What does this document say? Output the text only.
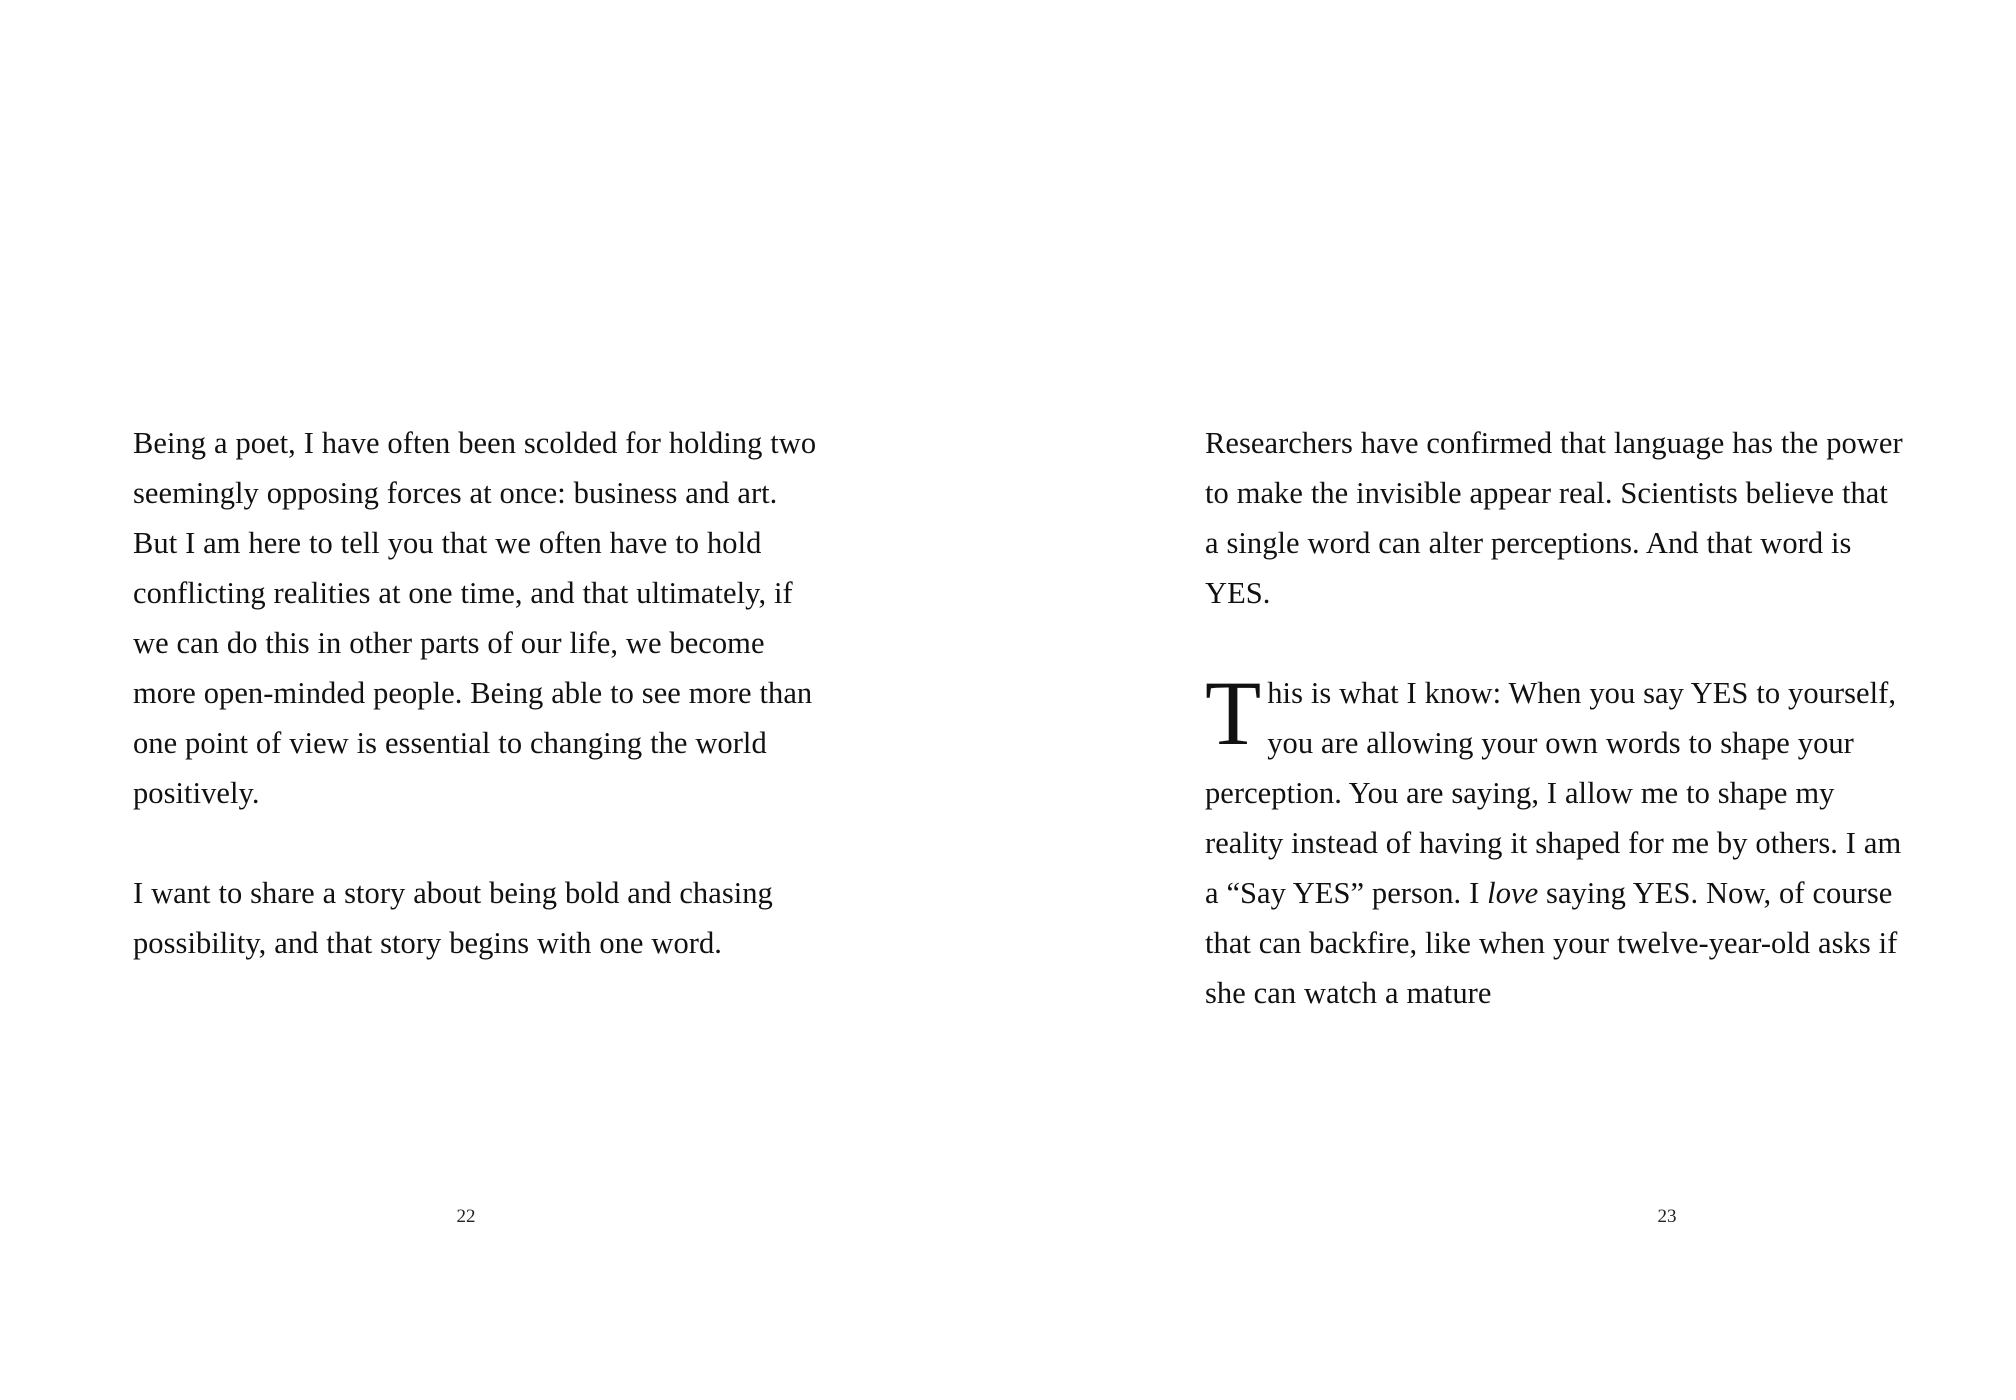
Being a poet, I have often been scolded for holding two seemingly opposing forces at once: business and art. But I am here to tell you that we often have to hold conflicting realities at one time, and that ultimately, if we can do this in other parts of our life, we become more open-minded people. Being able to see more than one point of view is essential to changing the world positively.

I want to share a story about being bold and chasing possibility, and that story begins with one word.

22

Researchers have confirmed that language has the power to make the invisible appear real. Scientists believe that a single word can alter perceptions. And that word is YES.

This is what I know: When you say YES to yourself, you are allowing your own words to shape your perception. You are saying, I allow me to shape my reality instead of having it shaped for me by others. I am a “Say YES” person. I love saying YES. Now, of course that can backfire, like when your twelve-year-old asks if she can watch a mature

23
